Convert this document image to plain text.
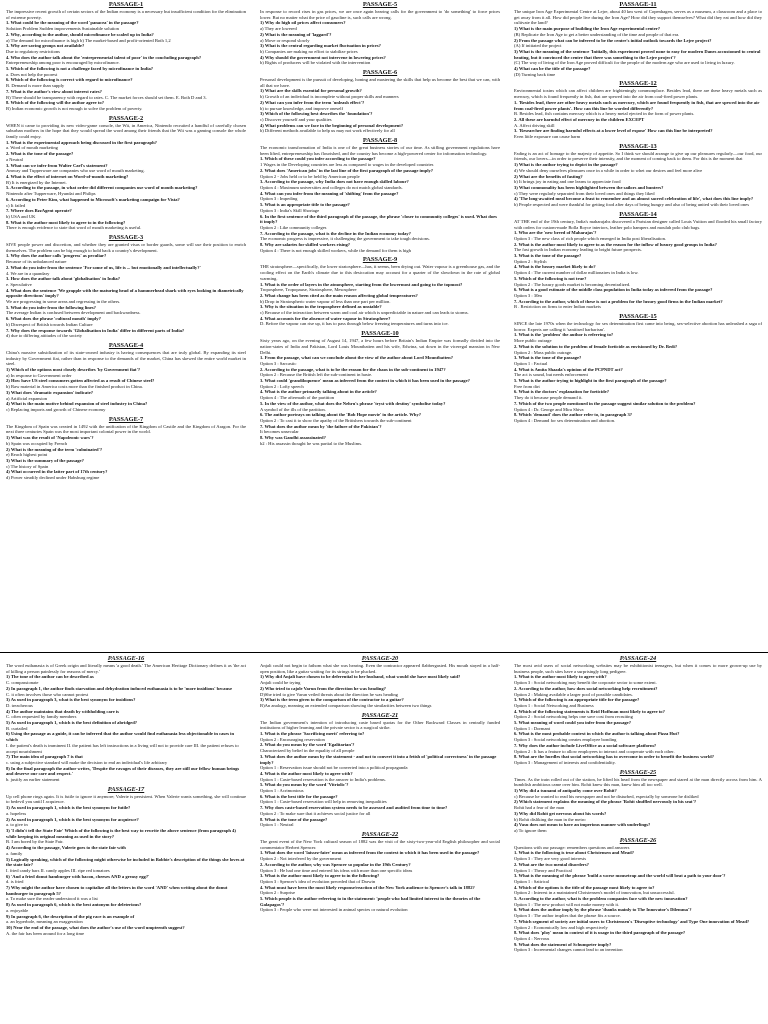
PASSAGE-1

The impressive recent growth of certain sectors of the Indian economy is a necessary but insufficient condition for the elimination of extreme poverty.

1. What could be the meaning of the word 'panacea' in the passage?

Solution Problem Sudden improvements Sustainable solution

2. Why, according to the author, should microfinance be scaled up in India?

a) The demand for microfinance is high b) The market-based and profit-oriented Both 1,2

3. Why are saving groups not available?

Due to regulatory restrictions

4. Who does the author talk about the 'entrepreneurial talent of poor' in the concluding paragraph?

Entrepreneurship among poor is encouraged by microfinance.

5. Which of the following is not a challenge faced by microfinance in India?

a. Does not help the poorest

6. Which of the following is correct with regard to microfinance?

B. Demand is more than supply

7. What is the author's view about interest rates?

B) There should be transparency with regard to rates. C. The market forces should set them. E. Both D and 3.

8. Which of the following will the author agree to?

B) Indian economic growth is not enough to solve the problem of poverty.

PASSAGE-2

WHEN it came to providing its new video-game console, the Wii, in America, Nintendo recruited a handful of carefully chosen suburban mothers in the hope that they would spread the word among their friends that the Wii was a gaming console the whole family could enjoy.

1. What is the experimental approach being discussed in the first paragraph?

a. Word of mouth marketing

2. What is the tone of the passage?

a Neutral

3. What can we infer from Walter Carl's statement?

Amway and Tupperware are companies who use word of mouth marketing.

4. What is the effect of internet on Word-of-mouth marketing?

B) It is energized by the Internet.

5. According to the passage, in what order did different companies use word of mouth marketing?

Nintendo after Tupperware, Hyundai and Philips

6. According to Peter Kim, what happened to Microsoft's marketing campaign for Vista?

c) It failed

7. Where does BzzAgent operate?

b) USA and UK

8. What is the author most likely to agree to in the following?

There is enough evidence to state that word of mouth marketing is useful.

PASSAGE-3

SIVE people power and discretion, and whether they are granted visas or border guards, some will use their position to enrich themselves. The problem can be big enough to hold back a country's development.

1. Why does the author calls 'progress' as peculiar?

Because of its unbalanced nature

2. What do you infer from the sentence 'For some of us, life is ... but emotionally and intellectually?'

4. We are in a quandary

3. How does the author talk about 'globalisation' in India?

e. Speculative

4. What does the sentence 'We grapple with the maturing head of a hammerhead shark with eyes looking in diametrically opposite directions' imply?

We are progressing in some areas and regressing in the others.

5. What do you infer from the following lines?

The average Indian is confused between development and backwardness.

6. What does the phrase 'cultural mouth' imply?

b) Disrespect of British towards Indian Culture

7. Why does the response towards 'Globalisation in India' differ in different parts of India?

d) due to differing attitudes of the society

PASSAGE-4

China's massive subsidization of its state-owned industry is having consequences that are truly global. By expanding its steel industry by Government fiat, rather than in response to the demands of the market, China has skewed the entire world market in steel.

1) Which of the options most closely describes 'by Government fiat'?

a) In response to Government order

2) How have US steel consumers gotten affected as a result of Chinese steel?

b) Raw material in America costs more than the finished product in China.

3) What does 'dramatic expansion' indicate?

a) Artificial expansion

4) What is the main motive behind expansion of steel industry in China?

c) Replacing imports and growth of Chinese economy

PASSAGE-7

The Kingdom of Spain was created in 1492 with the unification of the Kingdom of Castile and the Kingdom of Aragon. For the next three centuries Spain was the most important colonial power in the world.

1) What was the result of 'Napoleonic wars'?

b) Spain was occupied by French

2) What is the meaning of the term 'culminated'?

e) Reach highest point

3) What is the summary of the passage?

c) The history of Spain

4) What occurred in the latter part of 17th century?

d) Power steadily declined under Habsburg regime

PASSAGE-5

In response to record rises in gas prices, we are once again hearing calls for the government to 'do something' to force prices lower. But no matter what the price of gasoline is, such calls are wrong.

1) Why do high oil prices affect consumers?

a) They are lowered

2) What is the meaning of 'laggard'?

a) Move or respond slowly

3) What is the central regarding market fluctuation in prices?

b) Companies are making no effort to stabilize prices

4) Why should the government not intervene in lowering prices?

b) Rights of producers will be violated with the intervention

PASSAGE-6

Personal development is the pursuit of developing, honing and mastering the skills that help us become the best that we can, with all that we have.

1) What are the skills essential for personal growth?

b) Growth of an individual is incomplete without proper skills and manners

2) What can you infer from the term 'unleash effect'?

b) to pursue knowledge, and improve oneself

3) Which of the following best describes the 'foundation'?

c) Discover yourself and your qualities

4) What problems can we face in the beginning of personal development?

b) Different methods available to help us may not work effectively for all

PASSAGE-8

The economic transformation of India is one of the great business stories of our time. As stifling government regulations have been lifted, entrepreneurship has flourished, and the country has become a high-powered center for information technology.

1. Which of these could you infer according to the passage?

1 Wages in the Developing countries are less as compared to wages in the developed countries

2. What does 'American jobs' in the last line of the first paragraph of the passage imply?

Option 2 - Jobs held or to be held by American people

3. According to the passage, why India does not have enough skilled labour?

Option 4 : Maximum universities and colleges do not match global standards.

4. What can you infer from the meaning of 'shifting' from the passage?

Option 3 : Impeding

5. What is an appropriate title to the passage?

Option 3 : India's Skill Shortage

6. In the first sentence of the third paragraph of the passage, the phrase 'closer to community colleges' is used. What does it imply?

Option 2 : Like community colleges

7. According to the passage, what is the decline in the Indian economy today?

The economic progress is impressive, it challenging the government to take tough decisions.

8. Why are salaries for skilled workers rising?

Option 4 : There is not enough skilled workers, while the demand for them is high

PASSAGE-9

THE stratosphere—specifically, the lower stratosphere—has, it seems, been drying out. Water vapour is a greenhouse gas, and the cooling effect on the Earth's climate due to this desiccation may account for a quarter of the slowdown in the rate of global warming.

1. What is the order of layers in the atmosphere, starting from the lowermost and going to the topmost?

Troposphere, Tropopause, Stratosphere, Mesosphere

2. What change has been cited as the main reason affecting global temperatures?

b) Drop in Stratospheric water vapour of less than one part per million.

3. Why is the situation in the troposphere defined as unstable?

c) Because of the interaction between warm and cool air which is unpredictable in nature and can leads to storms.

4. What accounts for the absence of water vapour in Stratosphere?

D. Before the vapour can rise up, it has to pass through below freezing temperatures and turns into ice.

PASSAGE-10

Sixty years ago, on the evening of August 14, 1947, a few hours before Britain's Indian Empire was formally divided into the nation-states of India and Pakistan, Lord Louis Mountbatten and his wife, Edwina, sat down in the viceregal mansion in New Delhi.

1. From the passage, what can we conclude about the view of the author about Lord Mountbatten?

Option 3 : Sarcastic

2. According to the passage, what is to be the reason for the chaos in the sub-continent in 1947?

Option 2 : Because the British left the sub-continent in haste.

3. What could 'grandiloquence' mean as inferred from the context in which it has been used in the passage?

Option 2 : Lofty speech

4. What is the author primarily talking about in the article?

Option 4 : The aftermath of the partition

5. In the view of the author, what does the Nehru's phrase 'tryst with destiny' symbolise today?

A symbol of the ills of the partition.

6. The author portrays on talking about the 'Bob Hope movie' in the article. Why?

Option 2 : To cast it to show the apathy of the Britishers towards the sub-continent

7. What does the author mean by 'the failure of the Pakistan'?

It becomes unsecular

8. Why was Gandhi assassinated?

b2 : His assassin thought he was partial to the Muslims.

PASSAGE-11

The unique Iron Age Experimental Centre at Lejre, about 40 km west of Copenhagen, serves as a museum, a classroom and a place to get away from it all. How did people live during the Iron Age? How did they support themselves? What did they eat and how did they cultivate the land?

1) What is the main purpose of building the Iron Age experimental center?

(B) Replicate the Iron Age to get a better understanding of the time and people of that era.

2) From the passage what can be inferred to be the centre's initial outlook towards the Lejre project?

(A) If initiated the project

3) What is the meaning of the sentence 'Initially, this experiment proved none to easy for modern Danes accustomed to central heating, but it convinced the centre that there was something to the Lejre project'?

(C) The way of living of the Iron Age proved difficult for the people of the modern age who are used to living in luxury.

4) What can be the title of the passage?

(D) Turning back time

PASSAGE-12

Environmental toxins which can affect children are frighteningly commonplace. Besides lead, there are these heavy metals such as mercury, which is found frequently in fish, that are spewed into the air from coal-fired power plants.

1. 'Besides lead, there are other heavy metals such as mercury, which are found frequently in fish, that are spewed into the air from coal-fired power plants'. How can this line be worded differently?

B. Besides lead, fish contains mercury which is a heavy metal ejected in the form of power plants.

2. All these are harmful effect of mercury in the children EXCEPT

A. Affect driving skill

3. 'Researcher are finding harmful effects at a lower level of expose' How can this line be interpreted?

Even little exposure can cause harm

PASSAGE-13

Fading is an act of homage to the majesty of appetite. So I think we should arrange to give up our pleasures regularly—our food, our friends, our lovers—in order to preserve their intensity, and the moment of coming back to them. For this is the moment that

1) What is the author trying to depict in the passage?

d) We should deny ourselves pleasures once in a while in order to whet our desires and feel more alive

2) What are the benefits of fasting?

b) It brings joy in eating and one learns to appreciate food

3) What commonality has been highlighted between the sailors and hunters?

c) They were regularly separated from their loved ones and things they liked

4) 'The long-awaited meal become a feast to remember and an almost sacred celebration of life', what does this line imply?

b) People respected and were thankful for getting food after days of being hungry and also of being united with their loved ones

PASSAGE-14

AT THE end of the 19th century, India's maharajahs discovered a Parisian designer called Louis Vuitton and flooded his small factory with orders for custom-made Bolla Royce interiors, leather polo hampers and moulah polo club bags.

1. Who are the 'new breed of Maharajas'?

Option 3 : The new class of rich people which emerged in India post liberalisation.

2. What is the author most likely to agree to as the reason for the inflow of luxury good groups in India?

The fast growth in Indian economy leading to bright future prospects.

3. What is the tone of the passage?

Option 2 : Stylish

4. What is the luxury market likely to do?

Option 4 : The current number of dollar millionaires in India is low.

5. Which of the following is not true?

Option 2 : The luxury goods market is becoming decentralized.

6. What is a good estimate of the middle class population in India today as inferred from the passage?

Option 3 : 30m

7. According to the author, which of these is not a problem for the luxury good firms in the Indian market?

B . Restriction on firms to enter Indian markets

PASSAGE-15

SINCE the late 1970s when the technology for sex determination first came into being, sex-selective abortion has unleashed a saga of horror. Experts are calling it 'sanitised barbarism'.

1. What is the 'problem' the author is referring to?

More public outrage

2. What is the solution to the problem of female foeticide as envisioned by Dr. Bedi?

Option 2 : Mass public outrage.

3. What is the tone of the passage?

Option 1 : Factual

4. What is Amita Shaada's opinion of the PCPNDT act?

The act is sound, but needs enforcement

5. What is the author trying to highlight in the first paragraph of the passage?

Free from dirt

6. What is the doctors' explanation for foeticide?

They do it because people demand it.

7. Which of the two people mentioned in the passage suggest similar solution to the problem?

Option 4 : Dr. George and Mira Shiva

8. Which 'demand' does the author refer to, in paragraph 3?

Option 4 : Demand for sex determination and abortion.

PASSAGE-16

The word euthanasia is of Greek origin and literally means 'a good death.' The American Heritage Dictionary defines it as 'the act of killing a person painlessly for reasons of mercy.'

1) The tone of the author can be described as

C. compassionate

2) In paragraph 1, the author finds starvation and dehydration induced euthanasia is to be 'more insidious' because

C. it often involves those who cannot protest

3) As used in paragraph 3, what is the best synonym for insidious?

D. treacherous

4) The author maintains that death by withholding care is

C. often requested by family members

5) As used in paragraph 1, which is the best definition of abridged?

B. curtailed

6) Using the passage as a guide, it can be inferred that the author would find euthanasia less objectionable in cases in which

I. the patient's death is imminent II. the patient has left instructions in a living will not to provide care III. the patient refuses to accept nourishment

7) The main idea of paragraph 7 is that

c. using a subjective standard will make the decision to end an individual's life arbitrary

8) In the final paragraph the author writes, 'Despite the ravages of their diseases, they are still our fellow human beings and deserve our care and respect.'

b. justify an earlier statement

PASSAGE-17

Up cell phone rings again. It is futile to ignore it anymore; Valerie is persistent. When Valerie wants something, she will continue to bedevil you until I acquiesce.

1) As used in paragraph 1, which is the best synonym for futile?

a. hopeless

2) As used in paragraph 1, which is the best synonym for acquiesce?

a. to give in

3) 'I didn't tell the State Fair' Which of the following is the best way to rewrite the above sentence (from paragraph 4) while keeping its original meaning as used in the story?

B. I am bored by the State Fair.

4) According to the passage, Valerie goes to the state fair with

a. family

5) Logically speaking, which of the following might otherwise be included in Bobbie's description of the things she loves at the state fair?

I. fried candy bars II. candy apples III. ripe red tomatoes

6) 'And a fried donut hamburger with bacon, cheeses AND a greasy egg?'

d. is fried

7) Why might the author have chosen to capitalize all the letters in the word 'AND' when writing about the donut hamburger in paragraph 5?

a. To make sure the reader understood it was a list

8) As used in paragraph 6, which is the best antonym for deleterious?

a. enjoyable

9) In paragraph 6, the description of the pig race is an example of

a. an hyperbole, meaning an exaggeration

10) Near the end of the passage, what does the author's use of the word umpteenth suggest?

A. the fair has been around for a long time

PASSAGE-20

Anjali could not begin to fathom what she was hearing. Even the contractor appeared flabbergasted. His mouth stayed in a half-open position, like a guitar waiting for its strings to be plucked.

1) Why did Anjali have chosen to be deferential to her husband, what would she have most likely said?

Anjali could be trying

2) Who tried to cajole Varun from the direction he was heading?

D)She tried to give Varun veiled threats about the direction he was heading

3) What is the term given to the comparison of the contractor to a guitar?

B)An analogy, meaning an extended comparison showing the similarities between two things

PASSAGE-21

The Indian government's intention of introducing caste based quotas for the Other Backward Classes in centrally funded institutions of higher learning and the private sector is a surgical strike.

1. What is the phrase 'Sacrificing merit' referring to?

Option 2 : Encouraging reservation

2. What do you mean by the word 'Egalitarian'?

Characterized by belief in the equality of all people

3. What does the author mean by the statement - and not to convert it into a fetish of 'political correctness' in the passage imply?

Option 1 : Reservation issue should not be converted into a political propaganda

4. What is the author most likely to agree with?

Option 1 : Caste-based reservation is the answer to India's problems.

5. What do you mean by the word 'Vitriolic'?

Option 1 : Acrimonious

6. What is the best title for the passage?

Option 1 : Caste-based reservation will help in removing inequalities

7. Why does caste-based reservation system needs to be assessed and audited from time to time?

Option 2 : To make sure that it achieves social justice for all

8. What is the tone of the passage?

Option 1 : Neutral

PASSAGE-22

The great event of the New York cultural season of 1882 was the visit of the sixty-two-year-old English philosopher and social commentator Herbert Spencer.

1. What does the word 'laissez-faire' mean as inferred from the context in which it has been used in the passage?

Option 2 : Not interfered by the government

2. According to the author, why was Spencer so popular in the 19th Century?

Option 3 : He had one time and entered his ideas with more than one specific ideas

3. What is the author most likely to agree to in the following?

Option 3 : Spencer's idea of evolution preceded that of Darwin

4. What must have been the most likely response/reaction of the New York audience to Spencer's talk in 1882?

Option 2 : Surprise

5. Which people is the author referring to in the statement: 'people who had limited interest in the theories of the Galapagos'?

Option 3 : People who were not interested in animal species or natural evolution

PASSAGE-24

The most avid users of social networking websites may be exhibitionist teenagers, but when it comes to more grown-up use by business people, such sites have a surprisingly long pedigree.

1. What is the author most likely to agree with?

Option 3 : Social networking may benefit the corporate sector to some extent.

2. According to the author, how does social networking help recruitment?

Option 2 : Making available a larger pool of possible candidates.

3. Which of the following is an appropriate title for the passage?

Option 1 : Social Networking and Business

4. Which of the following statements is Reid Hoffman most likely to agree to?

Option 2 : Social networking helps one save cost from recruiting

5. What meaning of word could you infer from the passage?

Option 1 : Dormant

6. What is the most probable context in which the author is talking about Pizza Hut?

Option 3 : Social networking creates employee bonding

7. Why does the author include LiveOffice as a social software platform?

Option 2 : It has a feature to allow employees to interact and cooperate with each other.

8. What are the hurdles that social networking has to overcome in order to benefit the business world?

Option 3 : Management of interests and confidentiality.

PASSAGE-25

Times. As the train rolled out of the station, he lifted his head from the newspaper and stared at the man directly across from him. A bumblish ambitious came over him. Rohit knew this man, knew him all too well.

1) Why did a tsunami of antipathy come over Rohit?

c) Because he wanted to read his newspaper and not be disturbed, especially by someone he disliked

2) Which statement explains the meaning of the phrase 'Rohit shuffled nervously in his seat'?

Rohit had a fear of the man

3) Why did Rohit get nervous about his words?

b) Rohit disliking the man in the metro

4) Vasu does not mean to have an imperious manner with underlings?

a) To ignore them

PASSAGE-26

Questions with our passage: remembers questions and answers

1. What is the following is true about Christensen and Mead?

Option 3 : They are very good interests

2. What are the two mental disorders?

Option 1 : Theory and Practical

3. What is the meaning of the phrase 'build a worse mousetrap and the world will beat a path to your door'?

Option 1 : Satirical

4. Which of the options is the title of the passage most likely to agree to?

Option 2 : Interest in a maintained Christensen's model of innovation, but unsuccessful.

5. According to the author, what is the problem companies face with the new innovation?

Option 1 : The new product will not make money with it.

6. What does the author imply by the phrase 'thanks mainly to The Innovator's Dilemma'?

Option 3 : The author implies that the phrase fits a source.

7. Which segment of society are initial users to Christensen's 'Disruptive technology' and Type One innovation of Mead?

Option 2 : Economically low and high respectively

8. What does 'ploy' mean in context of it is usage in the third paragraph of the passage?

Option 4 : Nervous

9. What does the statement of Schumpeter imply?

Option 3 : Incremental changes cannot lead to an invention
